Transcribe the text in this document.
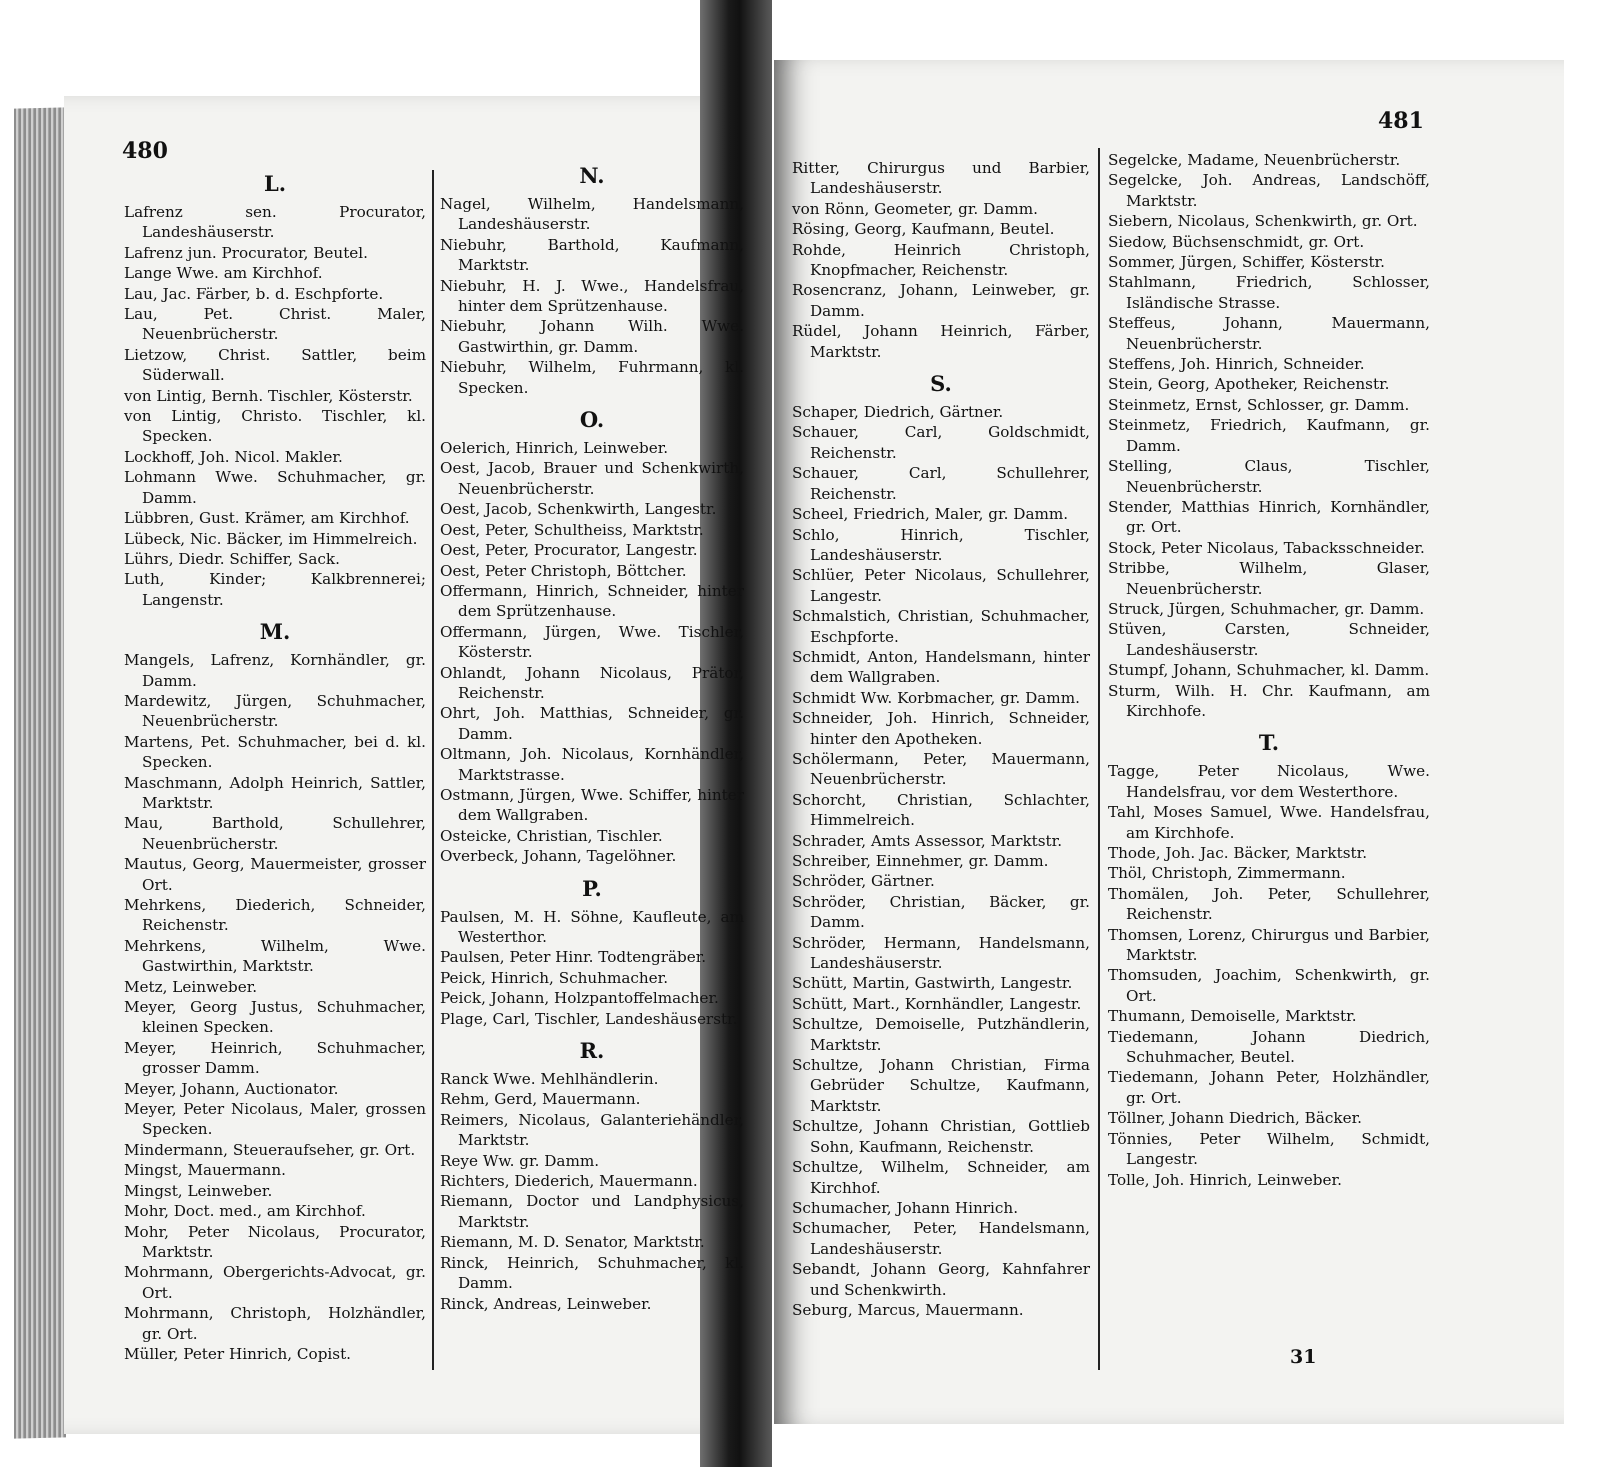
480
481
L.
Lafrenz sen. Procurator, Landeshäuserstr.
Lafrenz jun. Procurator, Beutel.
Lange Wwe. am Kirchhof.
Lau, Jac. Färber, b. d. Eschpforte.
Lau, Pet. Christ. Maler, Neuenbrücherstr.
Lietzow, Christ. Sattler, beim Süderwall.
von Lintig, Bernh. Tischler, Kösterstr.
von Lintig, Christo. Tischler, kl. Specken.
Lockhoff, Joh. Nicol. Makler.
Lohmann Wwe. Schuhmacher, gr. Damm.
Lübbren, Gust. Krämer, am Kirchhof.
Lübeck, Nic. Bäcker, im Himmelreich.
Lührs, Diedr. Schiffer, Sack.
Luth, Kinder; Kalkbrennerei; Langenstr.
M.
Mangels, Lafrenz, Kornhändler, gr. Damm.
Mardewitz, Jürgen, Schuhmacher, Neuenbrücherstr.
Martens, Pet. Schuhmacher, bei d. kl. Specken.
Maschmann, Adolph Heinrich, Sattler, Marktstr.
Mau, Barthold, Schullehrer, Neuenbrücherstr.
Mautus, Georg, Mauermeister, grosser Ort.
Mehrkens, Diederich, Schneider, Reichenstr.
Mehrkens, Wilhelm, Wwe. Gastwirthin, Marktstr.
Metz, Leinweber.
Meyer, Georg Justus, Schuhmacher, kleinen Specken.
Meyer, Heinrich, Schuhmacher, grosser Damm.
Meyer, Johann, Auctionator.
Meyer, Peter Nicolaus, Maler, grossen Specken.
Mindermann, Steueraufseher, gr. Ort.
Mingst, Mauermann.
Mingst, Leinweber.
Mohr, Doct. med., am Kirchhof.
Mohr, Peter Nicolaus, Procurator, Marktstr.
Mohrmann, Obergerichts-Advocat, gr. Ort.
Mohrmann, Christoph, Holzhändler, gr. Ort.
Müller, Peter Hinrich, Copist.
N.
Nagel, Wilhelm, Handelsmann, Landeshäuserstr.
Niebuhr, Barthold, Kaufmann, Marktstr.
Niebuhr, H. J. Wwe., Handelsfrau, hinter dem Sprützenhause.
Niebuhr, Johann Wilh. Wwe. Gastwirthin, gr. Damm.
Niebuhr, Wilhelm, Fuhrmann, kl. Specken.
O.
Oelerich, Hinrich, Leinweber.
Oest, Jacob, Brauer und Schenkwirth, Neuenbrücherstr.
Oest, Jacob, Schenkwirth, Langestr.
Oest, Peter, Schultheiss, Marktstr.
Oest, Peter, Procurator, Langestr.
Oest, Peter Christoph, Böttcher.
Offermann, Hinrich, Schneider, hinter dem Sprützenhause.
Offermann, Jürgen, Wwe. Tischler, Kösterstr.
Ohlandt, Johann Nicolaus, Prätor, Reichenstr.
Ohrt, Joh. Matthias, Schneider, gr. Damm.
Oltmann, Joh. Nicolaus, Kornhändler, Marktstrasse.
Ostmann, Jürgen, Wwe. Schiffer, hinter dem Wallgraben.
Osteicke, Christian, Tischler.
Overbeck, Johann, Tagelöhner.
P.
Paulsen, M. H. Söhne, Kaufleute, am Westerthor.
Paulsen, Peter Hinr. Todtengräber.
Peick, Hinrich, Schuhmacher.
Peick, Johann, Holzpantoffelmacher.
Plage, Carl, Tischler, Landeshäuserstr.
R.
Ranck Wwe. Mehlhändlerin.
Rehm, Gerd, Mauermann.
Reimers, Nicolaus, Galanteriehändler, Marktstr.
Reye Ww. gr. Damm.
Richters, Diederich, Mauermann.
Riemann, Doctor und Landphysicus, Marktstr.
Riemann, M. D. Senator, Marktstr.
Rinck, Heinrich, Schuhmacher, kl. Damm.
Rinck, Andreas, Leinweber.
Ritter, Chirurgus und Barbier, Landeshäuserstr.
von Rönn, Geometer, gr. Damm.
Rösing, Georg, Kaufmann, Beutel.
Rohde, Heinrich Christoph, Knopfmacher, Reichenstr.
Rosencranz, Johann, Leinweber, gr. Damm.
Rüdel, Johann Heinrich, Färber, Marktstr.
S.
Schaper, Diedrich, Gärtner.
Schauer, Carl, Goldschmidt, Reichenstr.
Schauer, Carl, Schullehrer, Reichenstr.
Scheel, Friedrich, Maler, gr. Damm.
Schlo, Hinrich, Tischler, Landeshäuserstr.
Schlüer, Peter Nicolaus, Schullehrer, Langestr.
Schmalstich, Christian, Schuhmacher, Eschpforte.
Schmidt, Anton, Handelsmann, hinter dem Wallgraben.
Schmidt Ww. Korbmacher, gr. Damm.
Schneider, Joh. Hinrich, Schneider, hinter den Apotheken.
Schölermann, Peter, Mauermann, Neuenbrücherstr.
Schorcht, Christian, Schlachter, Himmelreich.
Schrader, Amts Assessor, Marktstr.
Schreiber, Einnehmer, gr. Damm.
Schröder, Gärtner.
Schröder, Christian, Bäcker, gr. Damm.
Schröder, Hermann, Handelsmann, Landeshäuserstr.
Schütt, Martin, Gastwirth, Langestr.
Schütt, Mart., Kornhändler, Langestr.
Schultze, Demoiselle, Putzhändlerin, Marktstr.
Schultze, Johann Christian, Firma Gebrüder Schultze, Kaufmann, Marktstr.
Schultze, Johann Christian, Gottlieb Sohn, Kaufmann, Reichenstr.
Schultze, Wilhelm, Schneider, am Kirchhof.
Schumacher, Johann Hinrich.
Schumacher, Peter, Handelsmann, Landeshäuserstr.
Sebandt, Johann Georg, Kahnfahrer und Schenkwirth.
Seburg, Marcus, Mauermann.
Segelcke, Madame, Neuenbrücherstr.
Segelcke, Joh. Andreas, Landschöff, Marktstr.
Siebern, Nicolaus, Schenkwirth, gr. Ort.
Siedow, Büchsenschmidt, gr. Ort.
Sommer, Jürgen, Schiffer, Kösterstr.
Stahlmann, Friedrich, Schlosser, Isländische Strasse.
Steffeus, Johann, Mauermann, Neuenbrücherstr.
Steffens, Joh. Hinrich, Schneider.
Stein, Georg, Apotheker, Reichenstr.
Steinmetz, Ernst, Schlosser, gr. Damm.
Steinmetz, Friedrich, Kaufmann, gr. Damm.
Stelling, Claus, Tischler, Neuenbrücherstr.
Stender, Matthias Hinrich, Kornhändler, gr. Ort.
Stock, Peter Nicolaus, Tabacksschneider.
Stribbe, Wilhelm, Glaser, Neuenbrücherstr.
Struck, Jürgen, Schuhmacher, gr. Damm.
Stüven, Carsten, Schneider, Landeshäuserstr.
Stumpf, Johann, Schuhmacher, kl. Damm.
Sturm, Wilh. H. Chr. Kaufmann, am Kirchhofe.
T.
Tagge, Peter Nicolaus, Wwe. Handelsfrau, vor dem Westerthore.
Tahl, Moses Samuel, Wwe. Handelsfrau, am Kirchhofe.
Thode, Joh. Jac. Bäcker, Marktstr.
Thöl, Christoph, Zimmermann.
Thomälen, Joh. Peter, Schullehrer, Reichenstr.
Thomsen, Lorenz, Chirurgus und Barbier, Marktstr.
Thomsuden, Joachim, Schenkwirth, gr. Ort.
Thumann, Demoiselle, Marktstr.
Tiedemann, Johann Diedrich, Schuhmacher, Beutel.
Tiedemann, Johann Peter, Holzhändler, gr. Ort.
Töllner, Johann Diedrich, Bäcker.
Tönnies, Peter Wilhelm, Schmidt, Langestr.
Tolle, Joh. Hinrich, Leinweber.
31
